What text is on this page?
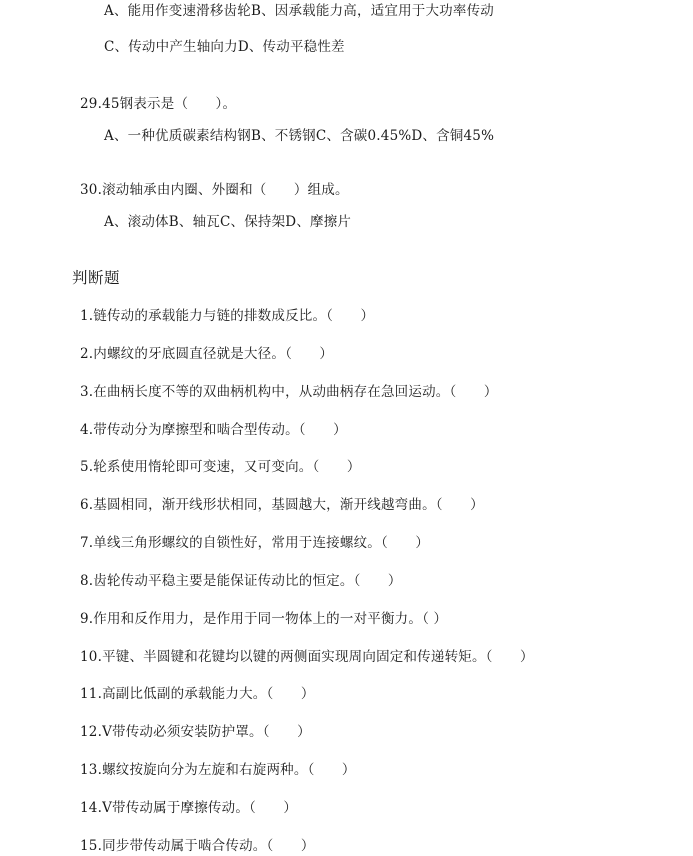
A、能用作变速滑移齿轮B、因承载能力高，适宜用于大功率传动
C、传动中产生轴向力D、传动平稳性差
29.45钢表示是（　　）。
A、一种优质碳素结构钢B、不锈钢C、含碳0.45%D、含铜45%
30.滚动轴承由内圈、外圈和（　　）组成。
A、滚动体B、轴瓦C、保持架D、摩擦片
判断题
1.链传动的承载能力与链的排数成反比。（　　）
2.内螺纹的牙底圆直径就是大径。（　　）
3.在曲柄长度不等的双曲柄机构中，从动曲柄存在急回运动。（　　）
4.带传动分为摩擦型和啮合型传动。（　　）
5.轮系使用惰轮即可变速，又可变向。（　　）
6.基圆相同，渐开线形状相同，基圆越大，渐开线越弯曲。（　　）
7.单线三角形螺纹的自锁性好，常用于连接螺纹。（　　）
8.齿轮传动平稳主要是能保证传动比的恒定。（　　）
9.作用和反作用力，是作用于同一物体上的一对平衡力。（ ）
10.平键、半圆键和花键均以键的两侧面实现周向固定和传递转矩。（　　）
11.高副比低副的承载能力大。（　　）
12.V带传动必须安装防护罩。（　　）
13.螺纹按旋向分为左旋和右旋两种。（　　）
14.V带传动属于摩擦传动。（　　）
15.同步带传动属于啮合传动。（　　）
